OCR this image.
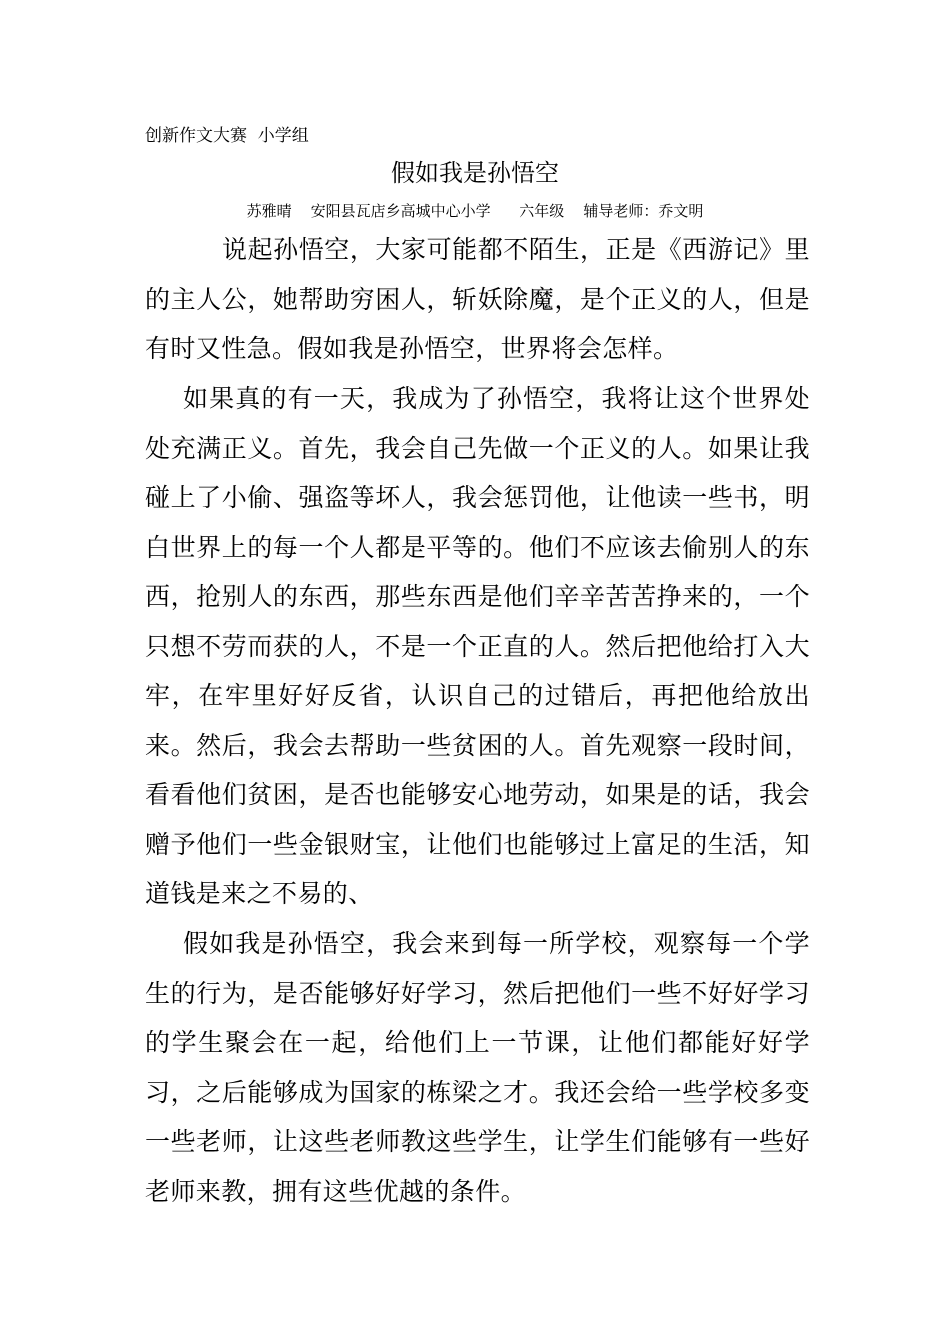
创新作文大赛  小学组
假如我是孙悟空
苏雅晴    安阳县瓦店乡高城中心小学      六年级    辅导老师：乔文明

说起孙悟空，大家可能都不陌生，正是《西游记》里的主人公，她帮助穷困人，斩妖除魔，是个正义的人，但是有时又性急。假如我是孙悟空，世界将会怎样。

如果真的有一天，我成为了孙悟空，我将让这个世界处处充满正义。首先，我会自己先做一个正义的人。如果让我碰上了小偷、强盗等坏人，我会惩罚他，让他读一些书，明白世界上的每一个人都是平等的。他们不应该去偷别人的东西，抢别人的东西，那些东西是他们辛辛苦苦挣来的，一个只想不劳而获的人，不是一个正直的人。然后把他给打入大牢，在牢里好好反省，认识自己的过错后，再把他给放出来。然后，我会去帮助一些贫困的人。首先观察一段时间，看看他们贫困，是否也能够安心地劳动，如果是的话，我会赠予他们一些金银财宝，让他们也能够过上富足的生活，知道钱是来之不易的、

假如我是孙悟空，我会来到每一所学校，观察每一个学生的行为，是否能够好好学习，然后把他们一些不好好学习的学生聚会在一起，给他们上一节课，让他们都能好好学习，之后能够成为国家的栋梁之才。我还会给一些学校多变一些老师，让这些老师教这些学生，让学生们能够有一些好老师来教，拥有这些优越的条件。
